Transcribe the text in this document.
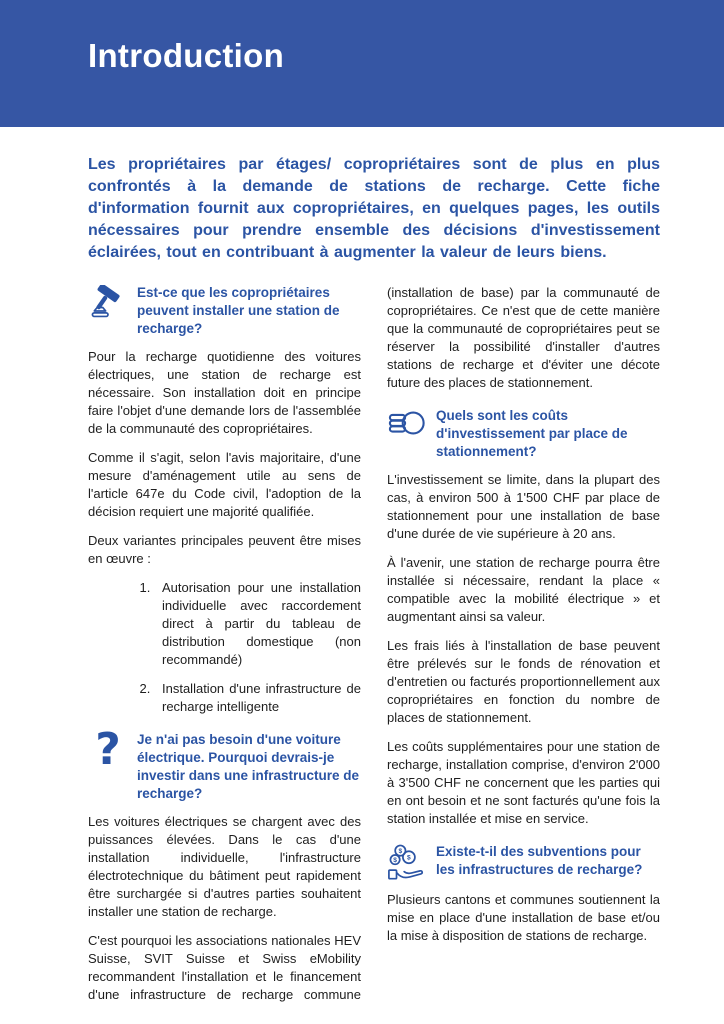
Introduction

Les propriétaires par étages/ copropriétaires sont de plus en plus confrontés à la demande de stations de recharge. Cette fiche d'information fournit aux copropriétaires, en quelques pages, les outils nécessaires pour prendre ensemble des décisions d'investissement éclairées, tout en contribuant à augmenter la valeur de leurs biens.

Est-ce que les copropriétaires peuvent installer une station de recharge?

Pour la recharge quotidienne des voitures électriques, une station de recharge est nécessaire. Son installation doit en principe faire l'objet d'une demande lors de l'assemblée de la communauté des copropriétaires.

Comme il s'agit, selon l'avis majoritaire, d'une mesure d'aménagement utile au sens de l'article 647e du Code civil, l'adoption de la décision requiert une majorité qualifiée.

Deux variantes principales peuvent être mises en œuvre :

1. Autorisation pour une installation individuelle avec raccordement direct à partir du tableau de distribution domestique (non recommandé)
2. Installation d'une infrastructure de recharge intelligente
? Je n'ai pas besoin d'une voiture électrique. Pourquoi devrais-je investir dans une infrastructure de recharge?

Les voitures électriques se chargent avec des puissances élevées. Dans le cas d'une installation individuelle, l'infrastructure électrotechnique du bâtiment peut rapidement être surchargée si d'autres parties souhaitent installer une station de recharge.

C'est pourquoi les associations nationales HEV Suisse, SVIT Suisse et Swiss eMobility recommandent l'installation et le financement d'une infrastructure de recharge commune

(installation de base) par la communauté de copropriétaires. Ce n'est que de cette manière que la communauté de copropriétaires peut se réserver la possibilité d'installer d'autres stations de recharge et d'éviter une décote future des places de stationnement.

Quels sont les coûts d'investissement par place de stationnement?

L'investissement se limite, dans la plupart des cas, à environ 500 à 1'500 CHF par place de stationnement pour une installation de base d'une durée de vie supérieure à 20 ans.

À l'avenir, une station de recharge pourra être installée si nécessaire, rendant la place « compatible avec la mobilité électrique » et augmentant ainsi sa valeur.

Les frais liés à l'installation de base peuvent être prélevés sur le fonds de rénovation et d'entretien ou facturés proportionnellement aux copropriétaires en fonction du nombre de places de stationnement.

Les coûts supplémentaires pour une station de recharge, installation comprise, d'environ 2'000 à 3'500 CHF ne concernent que les parties qui en ont besoin et ne sont facturés qu'une fois la station installée et mise en service.

$
$ $ Existe-t-il des subventions pour les infrastructures de recharge?

Plusieurs cantons et communes soutiennent la mise en place d'une installation de base et/ou la mise à disposition de stations de recharge.
